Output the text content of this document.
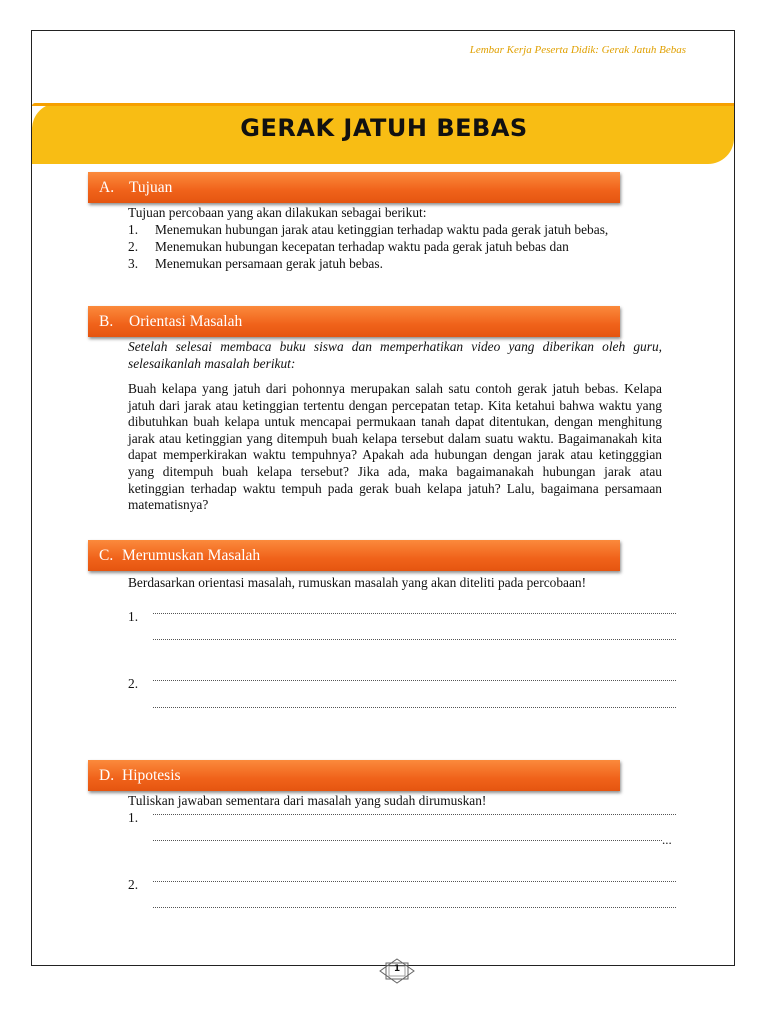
Lembar Kerja Peserta Didik: Gerak Jatuh Bebas
GERAK JATUH BEBAS
A. Tujuan
Tujuan percobaan yang akan dilakukan sebagai berikut:
1.	Menemukan hubungan jarak atau ketinggian terhadap waktu pada gerak jatuh bebas,
2.	Menemukan hubungan kecepatan terhadap waktu pada gerak jatuh bebas dan
3.	Menemukan persamaan gerak jatuh bebas.
B. Orientasi Masalah
Setelah selesai membaca buku siswa dan memperhatikan video yang diberikan oleh guru, selesaikanlah masalah berikut:
Buah kelapa yang jatuh dari pohonnya merupakan salah satu contoh gerak jatuh bebas. Kelapa jatuh dari jarak atau ketinggian tertentu dengan percepatan tetap. Kita ketahui bahwa waktu yang dibutuhkan buah kelapa untuk mencapai permukaan tanah dapat ditentukan, dengan menghitung jarak atau ketinggian yang ditempuh buah kelapa tersebut dalam suatu waktu. Bagaimanakah kita dapat memperkirakan waktu tempuhnya? Apakah ada hubungan dengan jarak atau ketingggian yang ditempuh buah kelapa tersebut? Jika ada, maka bagaimanakah hubungan jarak atau ketinggian terhadap waktu tempuh pada gerak buah kelapa jatuh? Lalu, bagaimana persamaan matematisnya?
C. Merumuskan Masalah
Berdasarkan orientasi masalah, rumuskan masalah yang akan diteliti pada percobaan!
1.
2.
D. Hipotesis
Tuliskan jawaban sementara dari masalah yang sudah dirumuskan!
1.
...
2.
1
